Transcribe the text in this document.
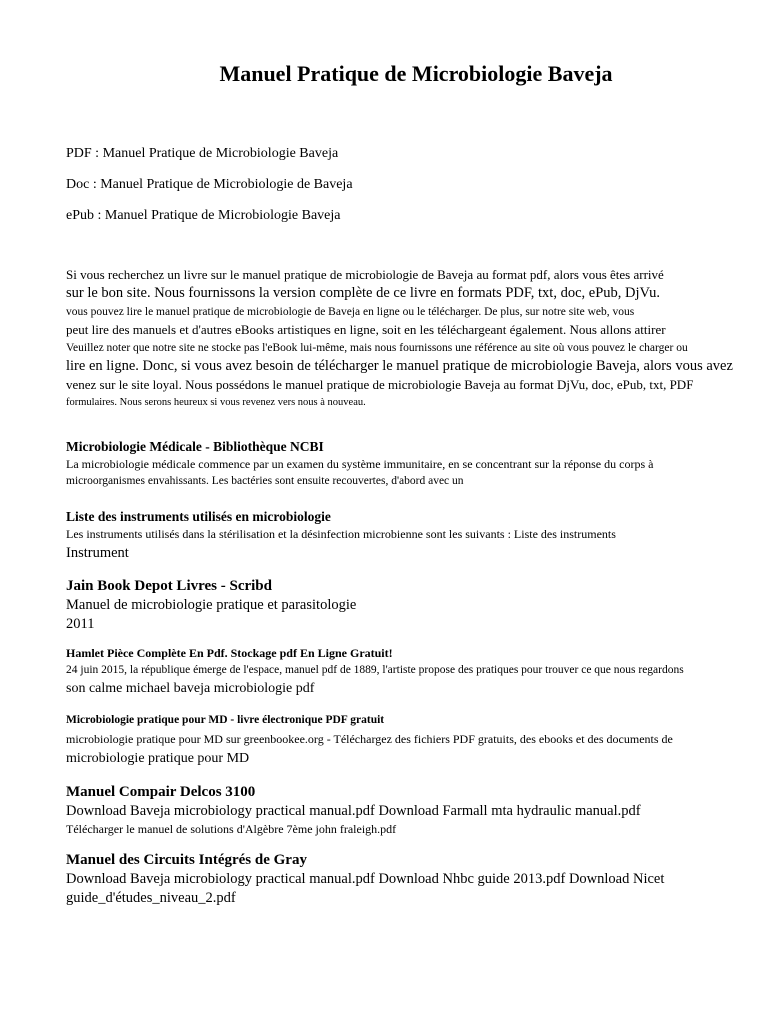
Manuel Pratique de Microbiologie Baveja

PDF : Manuel Pratique de Microbiologie Baveja

Doc : Manuel Pratique de Microbiologie de Baveja

ePub : Manuel Pratique de Microbiologie Baveja

Si vous recherchez un livre sur le manuel pratique de microbiologie de Baveja au format pdf, alors vous êtes arrivé
sur le bon site. Nous fournissons la version complète de ce livre en formats PDF, txt, doc, ePub, DjVu.
vous pouvez lire le manuel pratique de microbiologie de Baveja en ligne ou le télécharger. De plus, sur notre site web, vous
peut lire des manuels et d'autres eBooks artistiques en ligne, soit en les téléchargeant également. Nous allons attirer
Veuillez noter que notre site ne stocke pas l'eBook lui-même, mais nous fournissons une référence au site où vous pouvez le charger ou
lire en ligne. Donc, si vous avez besoin de télécharger le manuel pratique de microbiologie Baveja, alors vous avez
venez sur le site loyal. Nous possédons le manuel pratique de microbiologie Baveja au format DjVu, doc, ePub, txt, PDF
formulaires. Nous serons heureux si vous revenez vers nous à nouveau.
Microbiologie Médicale - Bibliothèque NCBI
La microbiologie médicale commence par un examen du système immunitaire, en se concentrant sur la réponse du corps à
microorganismes envahissants. Les bactéries sont ensuite recouvertes, d'abord avec un
Liste des instruments utilisés en microbiologie
Les instruments utilisés dans la stérilisation et la désinfection microbienne sont les suivants : Liste des instruments
Instrument
Jain Book Depot Livres - Scribd
Manuel de microbiologie pratique et parasitologie
2011
Hamlet Pièce Complète En Pdf. Stockage pdf En Ligne Gratuit!
24 juin 2015, la république émerge de l'espace, manuel pdf de 1889, l'artiste propose des pratiques pour trouver ce que nous regardons
son calme michael baveja microbiologie pdf
Microbiologie pratique pour MD - livre électronique PDF gratuit
microbiologie pratique pour MD sur greenbookee.org - Téléchargez des fichiers PDF gratuits, des ebooks et des documents de
microbiologie pratique pour MD
Manuel Compair Delcos 3100
Download Baveja microbiology practical manual.pdf Download Farmall mta hydraulic manual.pdf
Télécharger le manuel de solutions d'Algèbre 7ème john fraleigh.pdf
Manuel des Circuits Intégrés de Gray
Download Baveja microbiology practical manual.pdf Download Nhbc guide 2013.pdf Download Nicet
guide_d'études_niveau_2.pdf
